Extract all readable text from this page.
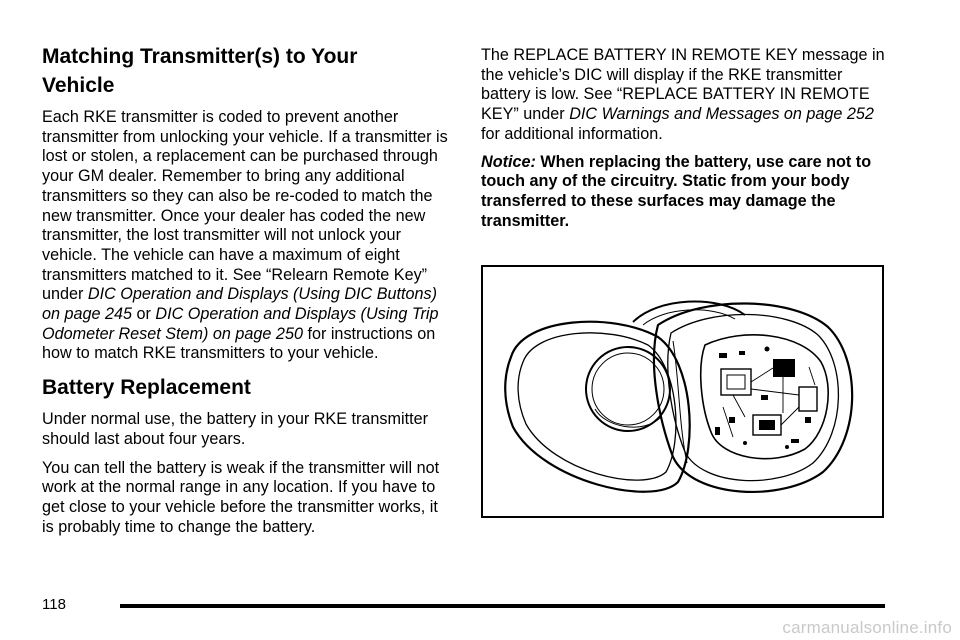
Matching Transmitter(s) to Your
Vehicle

Each RKE transmitter is coded to prevent another transmitter from unlocking your vehicle. If a transmitter is lost or stolen, a replacement can be purchased through your GM dealer. Remember to bring any additional transmitters so they can also be re-coded to match the new transmitter. Once your dealer has coded the new transmitter, the lost transmitter will not unlock your vehicle. The vehicle can have a maximum of eight transmitters matched to it. See “Relearn Remote Key” under DIC Operation and Displays (Using DIC Buttons) on page 245 or DIC Operation and Displays (Using Trip Odometer Reset Stem) on page 250 for instructions on how to match RKE transmitters to your vehicle.

Battery Replacement

Under normal use, the battery in your RKE transmitter should last about four years.

You can tell the battery is weak if the transmitter will not work at the normal range in any location. If you have to get close to your vehicle before the transmitter works, it is probably time to change the battery.

The REPLACE BATTERY IN REMOTE KEY message in the vehicle’s DIC will display if the RKE transmitter battery is low. See “REPLACE BATTERY IN REMOTE KEY” under DIC Warnings and Messages on page 252 for additional information.

Notice: When replacing the battery, use care not to touch any of the circuitry. Static from your body transferred to these surfaces may damage the transmitter.

118
carmanualsonline.info
